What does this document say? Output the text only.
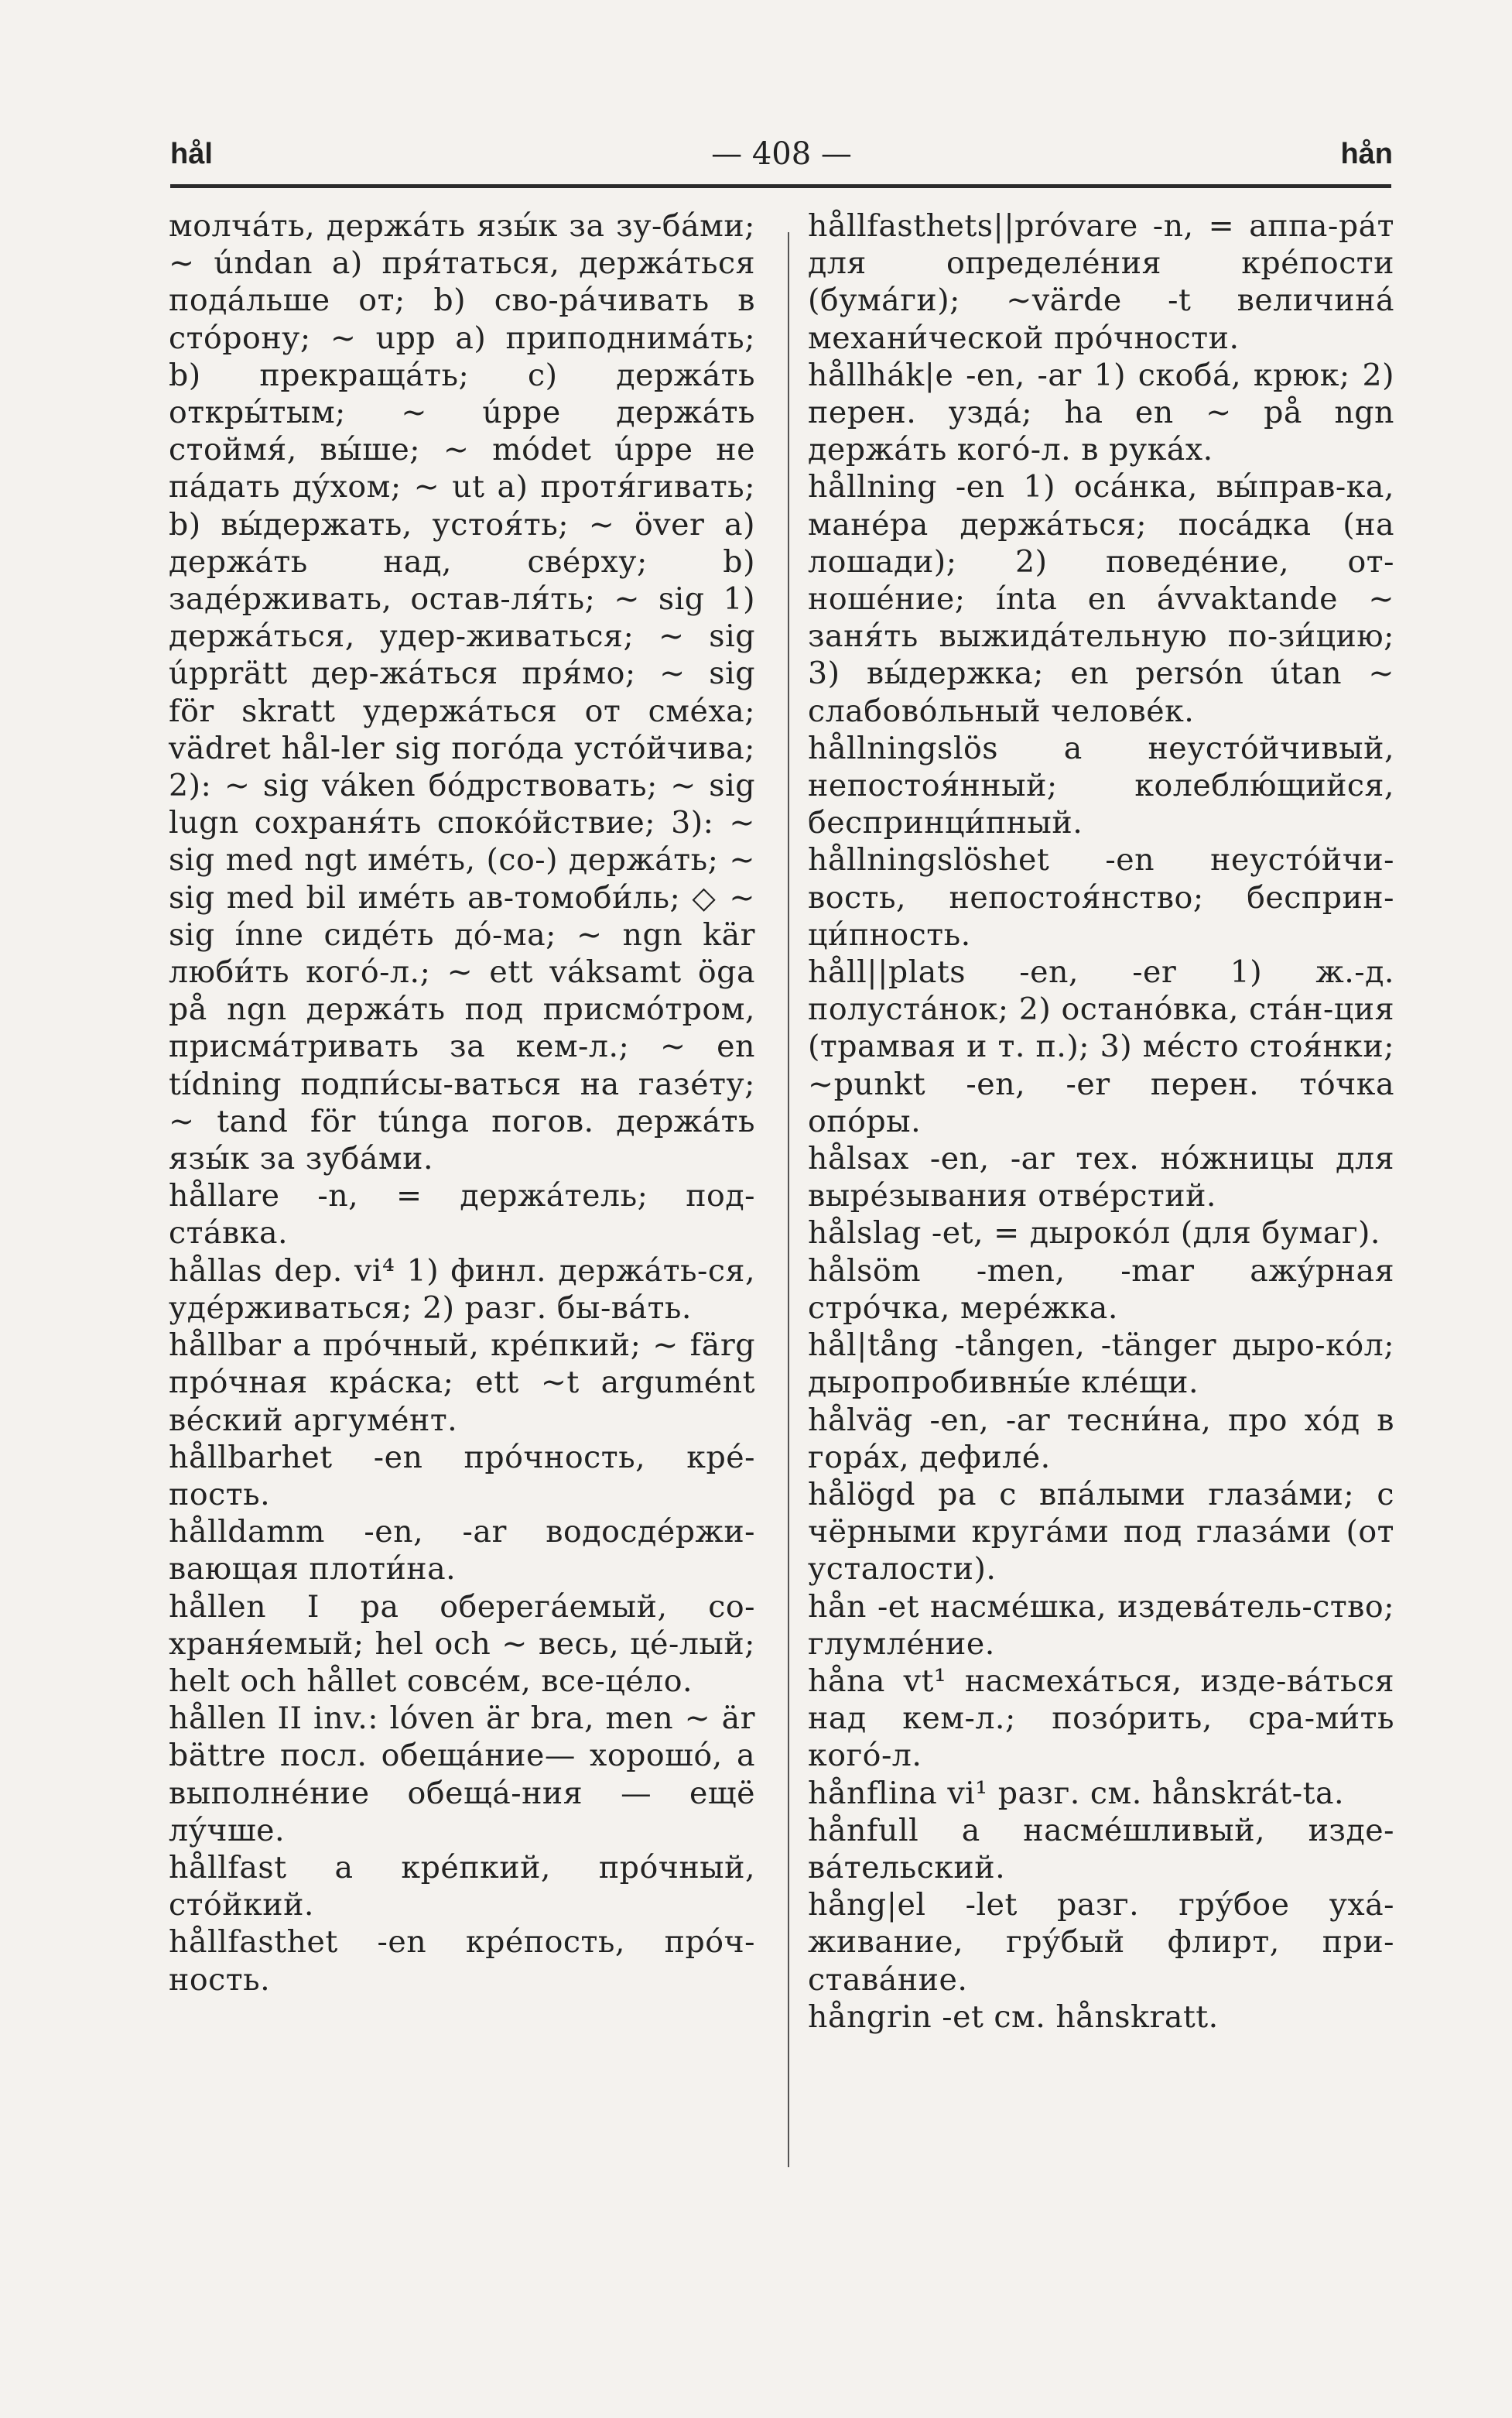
hål	— 408 —	hån

молча́ть, держа́ть язы́к за зу-ба́ми; ~ úndan a) пря́таться, держа́ться пода́льше от; b) сво-ра́чивать в сто́рону; ~ upp a) приподнима́ть; b) прекраща́ть; c) держа́ть откры́тым; ~ úppe держа́ть стоймя́, вы́ше; ~ módet úppe не па́дать ду́хом; ~ ut a) протя́гивать; b) вы́держать, устоя́ть; ~ över a) держа́ть над, све́рху; b) заде́рживать, остав-ля́ть; ~ sig 1) держа́ться, удер-живаться; ~ sig úpprätt дер-жа́ться пря́мо; ~ sig för skratt удержа́ться от сме́ха; vädret hål-ler sig пого́да усто́йчива; 2): ~ sig váken бо́дрствовать; ~ sig lugn сохраня́ть споко́йствие; 3): ~ sig med ngt име́ть, (со-) держа́ть; ~ sig med bil име́ть ав-томоби́ль; ◇ ~ sig ínne сиде́ть до́-ма; ~ ngn kär люби́ть кого́-л.; ~ ett váksamt öga på ngn держа́ть под присмо́тром, присма́тривать за кем-л.; ~ en tídning подпи́сы-ваться на газе́ту; ~ tand för túnga погов. держа́ть язы́к за зуба́ми.

hållare -n, = держа́тель; под-ста́вка.

hållas dep. vi⁴ 1) финл. держа́ть-ся, уде́рживаться; 2) разг. бы-ва́ть.

hållbar a про́чный, кре́пкий; ~ färg про́чная кра́ска; ett ~t argumént ве́ский аргуме́нт.

hållbarhet -en про́чность, кре́-пость.

hålldamm -en, -ar водосде́ржи-вающая плоти́на.

hållen I pa оберега́емый, со-храня́емый; hel och ~ весь, це́-лый; helt och hållet совсе́м, все-це́ло.

hållen II inv.: lóven är bra, men ~ är bättre посл. обеща́ние— хорошо́, а выполне́ние обеща́-ния — ещё лу́чше.

hållfast a кре́пкий, про́чный, сто́йкий.

hållfasthet -en кре́пость, про́ч-ность.

hållfasthets||próvare -n, = аппа-ра́т для определе́ния кре́пости (бума́ги); ~värde -t величина́ механи́ческой про́чности.

hållhák|e -en, -ar 1) скоба́, крюк; 2) перен. узда́; ha en ~ på ngn держа́ть кого́-л. в рука́х.

hållning -en 1) оса́нка, вы́прав-ка, мане́ра держа́ться; поса́дка (на лошади); 2) поведе́ние, от-ноше́ние; ínta en ávvaktande ~ заня́ть выжида́тельную по-зи́цию; 3) вы́держка; en persón útan ~ слабово́льный челове́к.

hållningslös a неусто́йчивый, непостоя́нный; колеблю́щийся, беспринци́пный.

hållningslöshet -en неусто́йчи-вость, непостоя́нство; бесприн-ци́пность.

håll||plats -en, -er 1) ж.-д. полуста́нок; 2) остано́вка, ста́н-ция (трамвая и т. п.); 3) ме́сто стоя́нки; ~punkt -en, -er перен. то́чка опо́ры.

hålsax -en, -ar тех. но́жницы для выре́зывания отве́рстий.

hålslag -et, = дыроко́л (для бумаг).

hålsöm -men, -mar ажу́рная стро́чка, мере́жка.

hål|tång -tången, -tänger дыро-ко́л; дыропробивны́е кле́щи.

hålväg -en, -ar тесни́на, про хо́д в гора́х, дефиле́.

hålögd pa с впа́лыми глаза́ми; с чёрными круга́ми под глаза́ми (от усталости).

hån -et насме́шка, издева́тель-ство; глумле́ние.

håna vt¹ насмеха́ться, изде-ва́ться над кем-л.; позо́рить, сра-ми́ть кого́-л.

hånflina vi¹ разг. см. hånskrát-ta.

hånfull a насме́шливый, изде-ва́тельский.

hång|el -let разг. гру́бое уха́-живание, гру́бый флирт, при-става́ние.

hångrin -et см. hånskratt.
